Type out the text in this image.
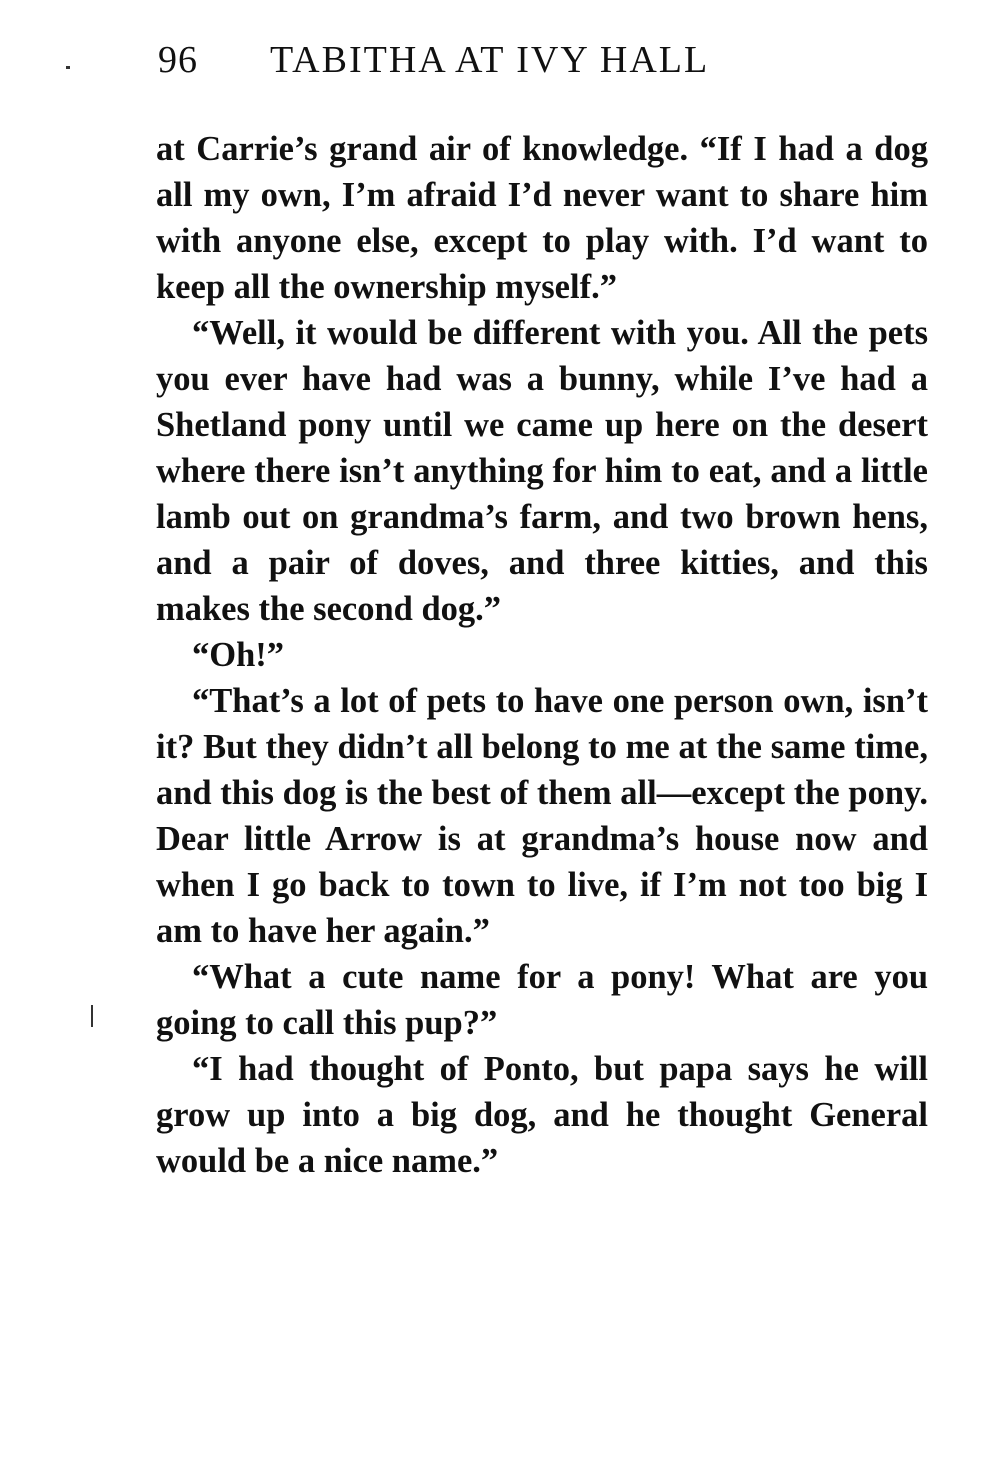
96 TABITHA AT IVY HALL

at Carrie’s grand air of knowledge. “If I had a dog all my own, I’m afraid I’d never want to share him with anyone else, except to play with. I’d want to keep all the ownership myself.”

“Well, it would be different with you. All the pets you ever have had was a bunny, while I’ve had a Shetland pony until we came up here on the desert where there isn’t anything for him to eat, and a little lamb out on grandma’s farm, and two brown hens, and a pair of doves, and three kitties, and this makes the second dog.”

“Oh!”

“That’s a lot of pets to have one person own, isn’t it? But they didn’t all belong to me at the same time, and this dog is the best of them all—except the pony. Dear little Arrow is at grandma’s house now and when I go back to town to live, if I’m not too big I am to have her again.”

“What a cute name for a pony! What are you going to call this pup?”

“I had thought of Ponto, but papa says he will grow up into a big dog, and he thought General would be a nice name.”
